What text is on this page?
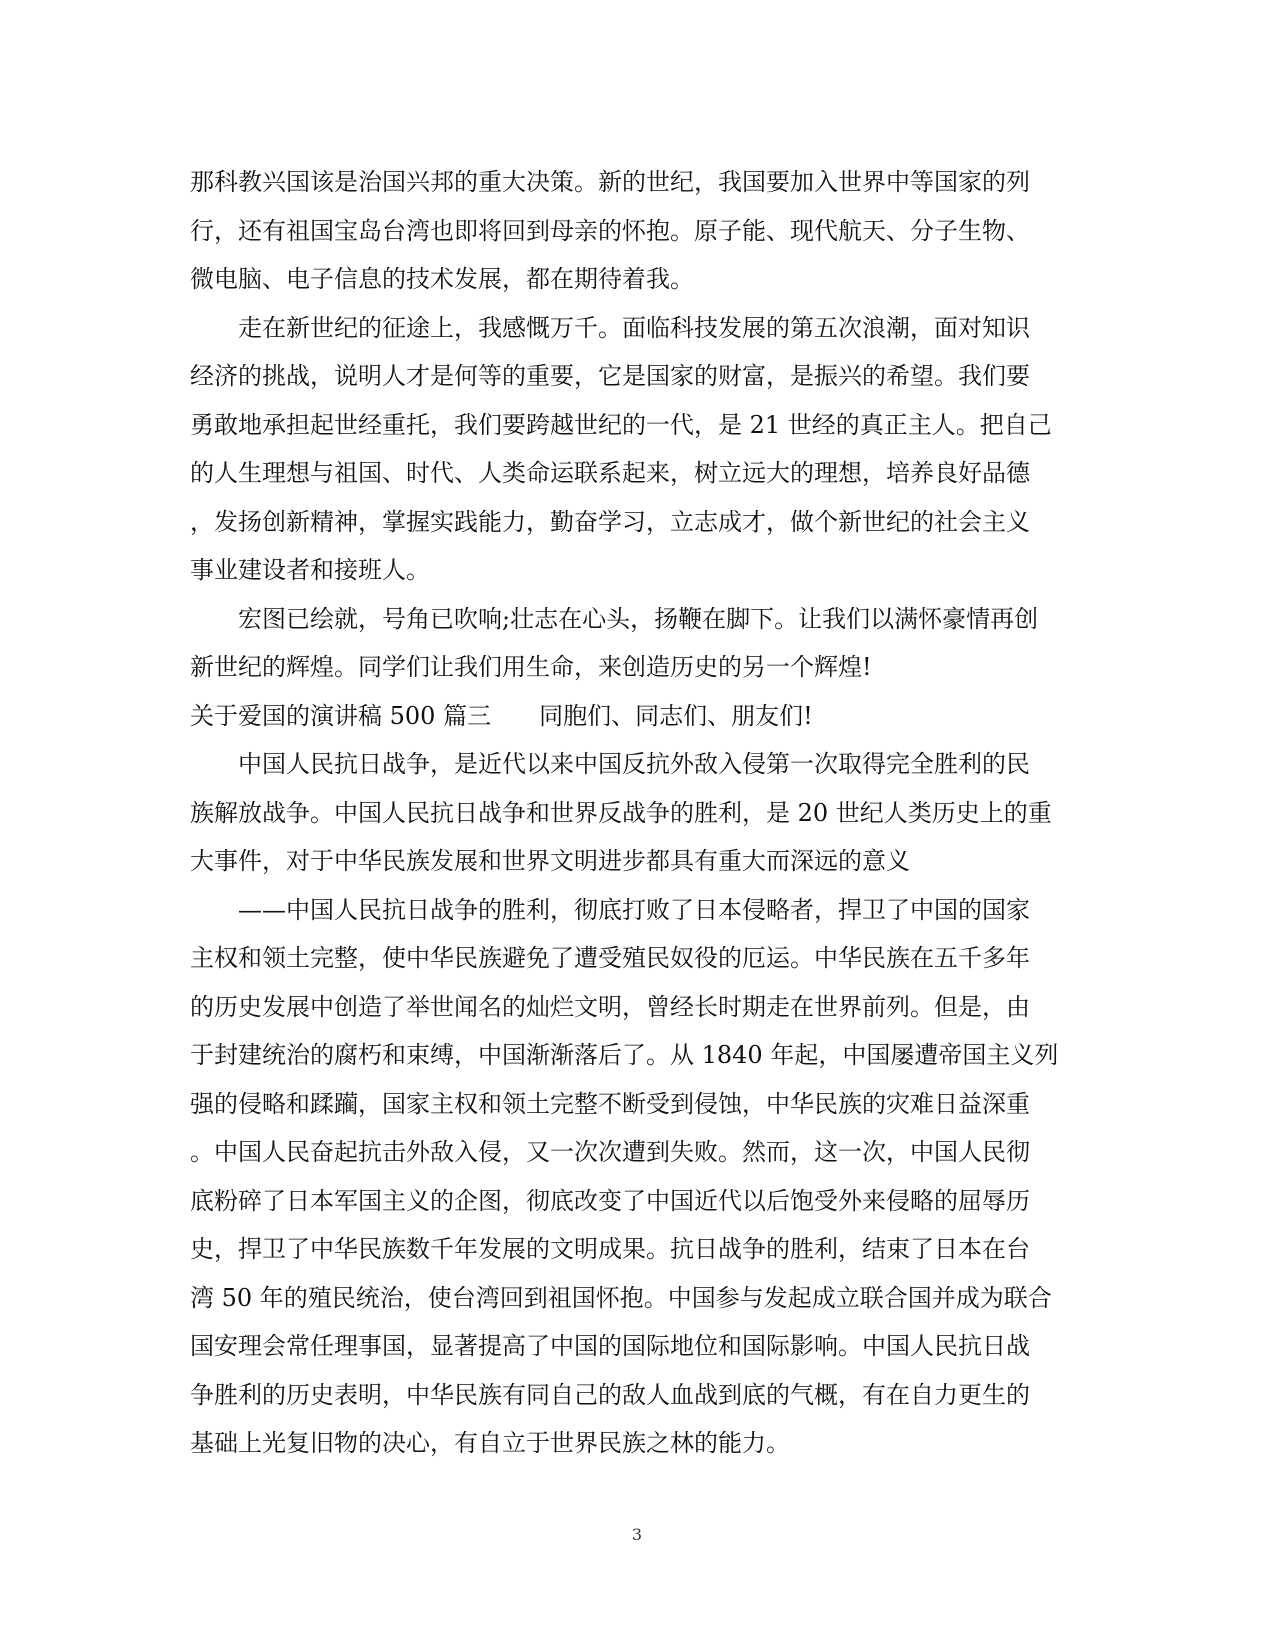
那科教兴国该是治国兴邦的重大决策。新的世纪，我国要加入世界中等国家的列
行，还有祖国宝岛台湾也即将回到母亲的怀抱。原子能、现代航天、分子生物、
微电脑、电子信息的技术发展，都在期待着我。
走在新世纪的征途上，我感慨万千。面临科技发展的第五次浪潮，面对知识
经济的挑战，说明人才是何等的重要，它是国家的财富，是振兴的希望。我们要
勇敢地承担起世经重托，我们要跨越世纪的一代，是 21 世经的真正主人。把自己
的人生理想与祖国、时代、人类命运联系起来，树立远大的理想，培养良好品德
，发扬创新精神，掌握实践能力，勤奋学习，立志成才，做个新世纪的社会主义
事业建设者和接班人。
宏图已绘就，号角已吹响;壮志在心头，扬鞭在脚下。让我们以满怀豪情再创
新世纪的辉煌。同学们让我们用生命，来创造历史的另一个辉煌!
关于爱国的演讲稿 500 篇三 同胞们、同志们、朋友们!
中国人民抗日战争，是近代以来中国反抗外敌入侵第一次取得完全胜利的民
族解放战争。中国人民抗日战争和世界反战争的胜利，是 20 世纪人类历史上的重
大事件，对于中华民族发展和世界文明进步都具有重大而深远的意义
——中国人民抗日战争的胜利，彻底打败了日本侵略者，捍卫了中国的国家
主权和领土完整，使中华民族避免了遭受殖民奴役的厄运。中华民族在五千多年
的历史发展中创造了举世闻名的灿烂文明，曾经长时期走在世界前列。但是，由
于封建统治的腐朽和束缚，中国渐渐落后了。从 1840 年起，中国屡遭帝国主义列
强的侵略和蹂躏，国家主权和领土完整不断受到侵蚀，中华民族的灾难日益深重
。中国人民奋起抗击外敌入侵，又一次次遭到失败。然而，这一次，中国人民彻
底粉碎了日本军国主义的企图，彻底改变了中国近代以后饱受外来侵略的屈辱历
史，捍卫了中华民族数千年发展的文明成果。抗日战争的胜利，结束了日本在台
湾 50 年的殖民统治，使台湾回到祖国怀抱。中国参与发起成立联合国并成为联合
国安理会常任理事国，显著提高了中国的国际地位和国际影响。中国人民抗日战
争胜利的历史表明，中华民族有同自己的敌人血战到底的气概，有在自力更生的
基础上光复旧物的决心，有自立于世界民族之林的能力。
3
